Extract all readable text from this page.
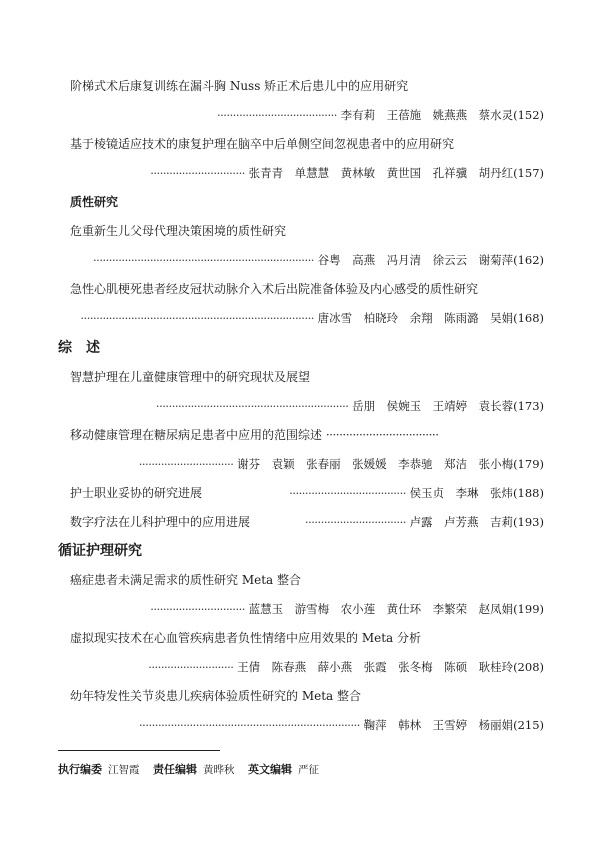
阶梯式术后康复训练在漏斗胸 Nuss 矫正术后患儿中的应用研究
······································ 李有莉　王蓓施　姚燕燕　蔡水灵(152)
基于棱镜适应技术的康复护理在脑卒中后单侧空间忽视患者中的应用研究
······························ 张青青　单慧慧　黄林敏　黄世国　孔祥骥　胡丹红(157)
质性研究
危重新生儿父母代理决策困境的质性研究
······································································ 谷粤　高燕　冯月清　徐云云　谢菊萍(162)
急性心肌梗死患者经皮冠状动脉介入术后出院准备体验及内心感受的质性研究
·········································································· 唐冰雪　柏晓玲　余翔　陈雨潞　吴娟(168)
综　述
智慧护理在儿童健康管理中的研究现状及展望
····························································· 岳朋　侯婉玉　王靖婷　袁长蓉(173)
移动健康管理在糖尿病足患者中应用的范围综述 ··································
······························ 谢芬　袁颖　张春丽　张媛媛　李恭驰　郑洁　张小梅(179)
护士职业妥协的研究进展	····································· 侯玉贞　李琳　张炜(188)
数字疗法在儿科护理中的应用进展	································ 卢露　卢芳燕　吉莉(193)
循证护理研究
癌症患者未满足需求的质性研究 Meta 整合
······························ 蓝慧玉　游雪梅　农小莲　黄仕环　李繁荣　赵凤娟(199)
虚拟现实技术在心血管疾病患者负性情绪中应用效果的 Meta 分析
··························· 王倩　陈春燕　薛小燕　张霞　张冬梅　陈硕　耿桂玲(208)
幼年特发性关节炎患儿疾病体验质性研究的 Meta 整合
······································································ 鞠萍　韩林　王雪婷　杨丽娟(215)
执行编委 江智霞 责任编辑 黄晔秋 英文编辑 严征
